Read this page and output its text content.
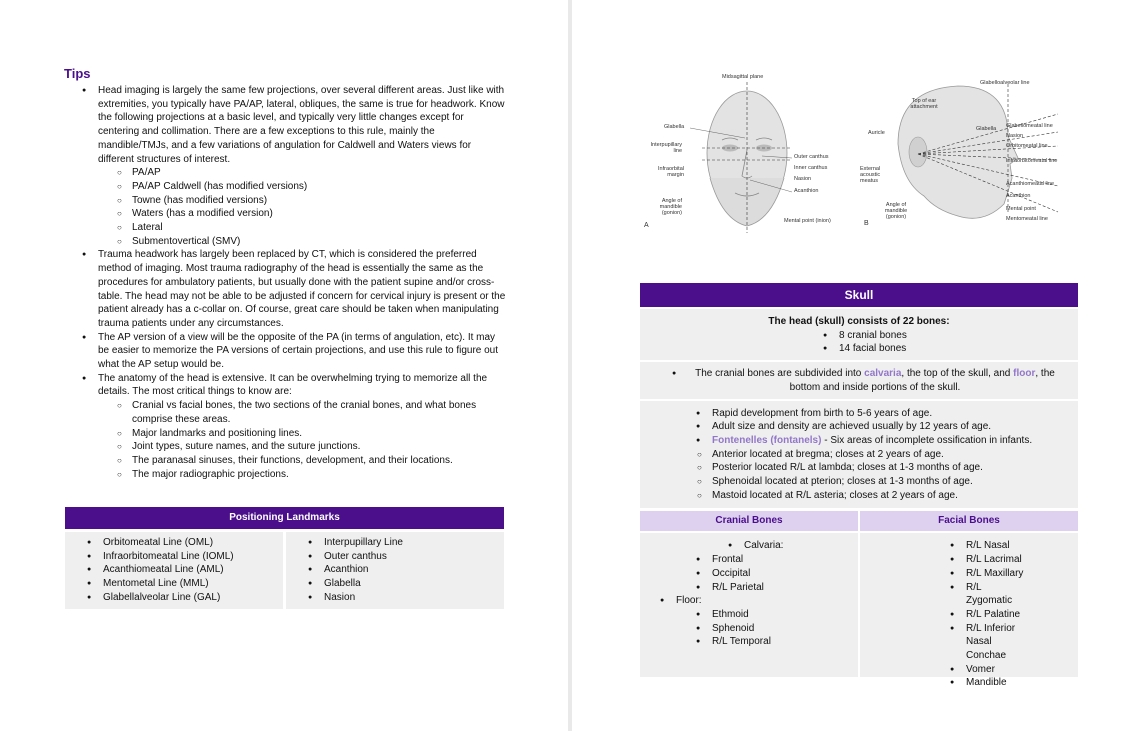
Tips
● Head imaging is largely the same few projections, over several different areas. Just like with extremities, you typically have PA/AP, lateral, obliques, the same is true for headwork. Know the following projections at a basic level, and typically very little changes except for centering and collimation. There are a few exceptions to this rule, mainly the mandible/TMJs, and a few variations of angulation for Caldwell and Waters views for different structures of interest.
○ PA/AP
○ PA/AP Caldwell (has modified versions)
○ Towne (has modified versions)
○ Waters (has a modified version)
○ Lateral
○ Submentovertical (SMV)
● Trauma headwork has largely been replaced by CT, which is considered the preferred method of imaging. Most trauma radiography of the head is essentially the same as the procedures for ambulatory patients, but usually done with the patient supine and/or cross-table. The head may not be able to be adjusted if concern for cervical injury is present or the patient already has a c-collar on. Of course, great care should be taken when manipulating trauma patients under any circumstances.
● The AP version of a view will be the opposite of the PA (in terms of angulation, etc). It may be easier to memorize the PA versions of certain projections, and use this rule to figure out what the AP setup would be.
● The anatomy of the head is extensive. It can be overwhelming trying to memorize all the details. The most critical things to know are:
○ Cranial vs facial bones, the two sections of the cranial bones, and what bones comprise these areas.
○ Major landmarks and positioning lines.
○ Joint types, suture names, and the suture junctions.
○ The paranasal sinuses, their functions, development, and their locations.
○ The major radiographic projections.
Positioning Landmarks
● Orbitomeatal Line (OML)
● Infraorbitomeatal Line (IOML)
● Acanthiomeatal Line (AML)
● Mentometal Line (MML)
● Glabellalveolar Line (GAL)
● Interpupillary Line
● Outer canthus
● Acanthion
● Glabella
● Nasion
Midsagittal plane
Glabella
Interpupillary line
Infraorbital margin
Angle of mandible (gonion)
Outer canthus
Inner canthus
Nasion
Acanthion
Mental point (inion)
A
Glabella
Top of ear attachment
Auricle
External acoustic meatus
Angle of mandible (gonion)
B
Glabelloalveolar line
Glabellomeatal line
Nasion
Orbitomeatal line
Infraorbitomeatal line
Acanthiomeatal line
Acanthion
Mental point
Mentomeatal line
Skull
The head (skull) consists of 22 bones:
● 8 cranial bones
● 14 facial bones
● The cranial bones are subdivided into calvaria, the top of the skull, and floor, the bottom and inside portions of the skull.
● Rapid development from birth to 5-6 years of age.
● Adult size and density are achieved usually by 12 years of age.
● Fontenelles (fontanels) - Six areas of incomplete ossification in infants.
○ Anterior located at bregma; closes at 2 years of age.
○ Posterior located R/L at lambda; closes at 1-3 months of age.
○ Sphenoidal located at pterion; closes at 1-3 months of age.
○ Mastoid located at R/L asteria; closes at 2 years of age.
Cranial Bones	Facial Bones
● Calvaria:
● Frontal
● Occipital
● R/L Parietal
● Floor:
● Ethmoid
● Sphenoid
● R/L Temporal
● R/L Nasal
● R/L Lacrimal
● R/L Maxillary
● R/L Zygomatic
● R/L Palatine
● R/L Inferior Nasal Conchae
● Vomer
● Mandible
